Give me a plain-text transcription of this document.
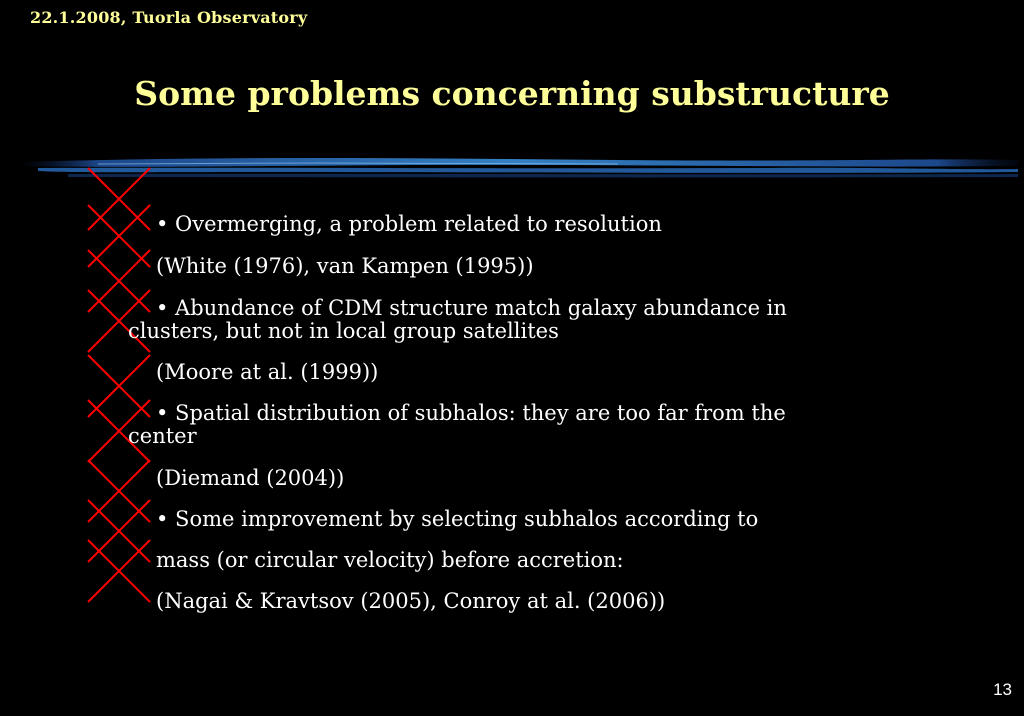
22.1.2008, Tuorla Observatory
Some problems concerning substructure
• Overmerging, a problem related to resolution
(White (1976), van Kampen (1995))
• Abundance of CDM structure match galaxy abundance in
clusters, but not in local group satellites
(Moore at al. (1999))
• Spatial distribution of subhalos: they are too far from the
center
(Diemand (2004))
• Some improvement by selecting subhalos according to
mass (or circular velocity) before accretion:
(Nagai & Kravtsov (2005), Conroy at al. (2006))
13
